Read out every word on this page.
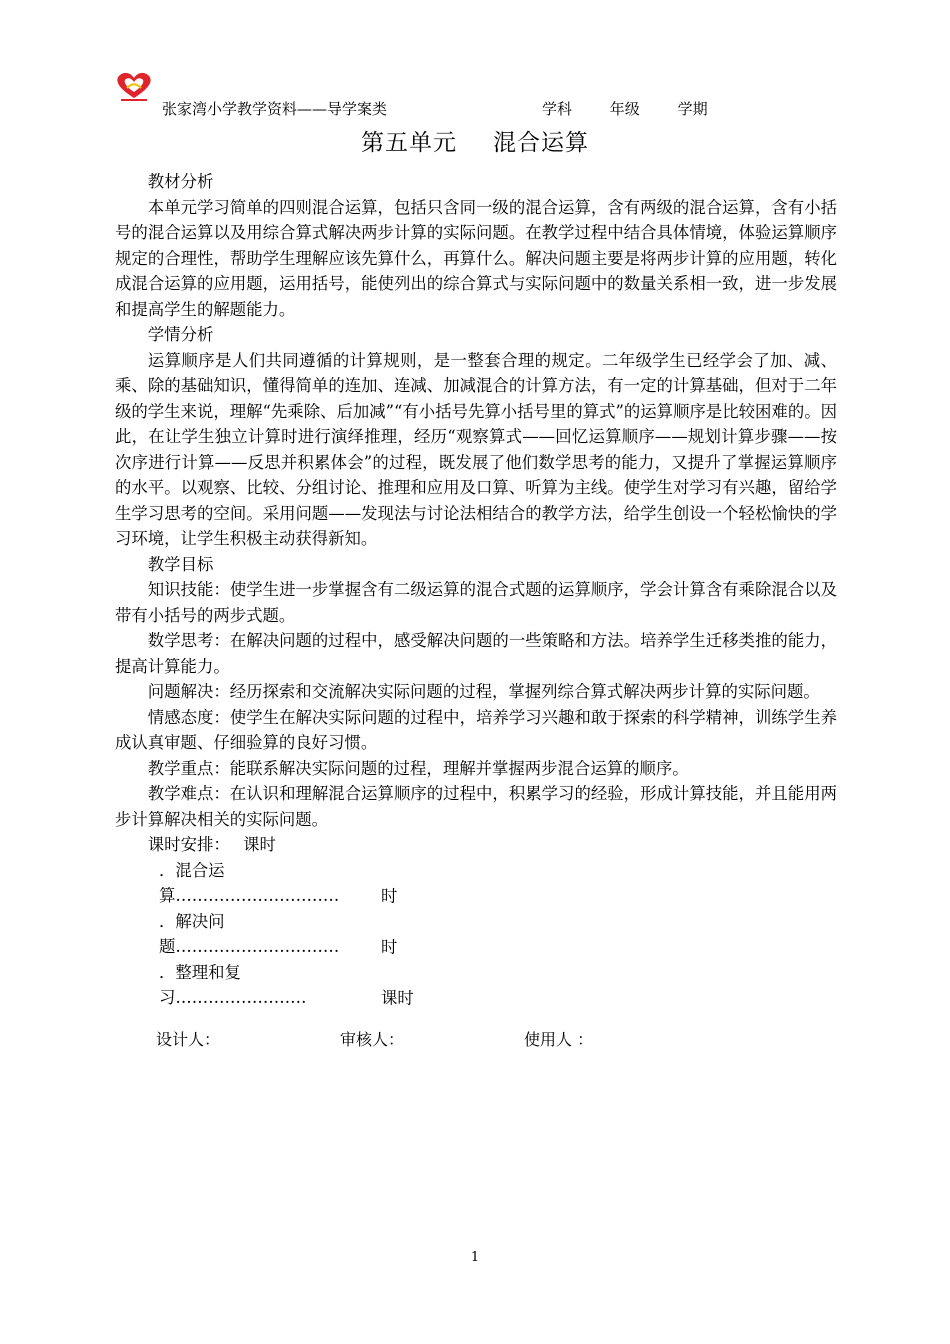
张家湾小学教学资料——导学案类	学科	年级	学期
第五单元 混合运算
教材分析

本单元学习简单的四则混合运算，包括只含同一级的混合运算，含有两级的混合运算，含有小括号的混合运算以及用综合算式解决两步计算的实际问题。在教学过程中结合具体情境，体验运算顺序规定的合理性，帮助学生理解应该先算什么，再算什么。解决问题主要是将两步计算的应用题，转化成混合运算的应用题，运用括号，能使列出的综合算式与实际问题中的数量关系相一致，进一步发展和提高学生的解题能力。

学情分析

运算顺序是人们共同遵循的计算规则，是一整套合理的规定。二年级学生已经学会了加、减、乘、除的基础知识，懂得简单的连加、连减、加减混合的计算方法，有一定的计算基础，但对于二年级的学生来说，理解“先乘除、后加减”“有小括号先算小括号里的算式”的运算顺序是比较困难的。因此，在让学生独立计算时进行演绎推理，经历“观察算式——回忆运算顺序——规划计算步骤——按次序进行计算——反思并积累体会”的过程，既发展了他们数学思考的能力，又提升了掌握运算顺序的水平。以观察、比较、分组讨论、推理和应用及口算、听算为主线。使学生对学习有兴趣，留给学生学习思考的空间。采用问题——发现法与讨论法相结合的教学方法，给学生创设一个轻松愉快的学习环境，让学生积极主动获得新知。

教学目标

知识技能：使学生进一步掌握含有二级运算的混合式题的运算顺序，学会计算含有乘除混合以及带有小括号的两步式题。

数学思考：在解决问题的过程中，感受解决问题的一些策略和方法。培养学生迁移类推的能力，提高计算能力。

问题解决：经历探索和交流解决实际问题的过程，掌握列综合算式解决两步计算的实际问题。

情感态度：使学生在解决实际问题的过程中，培养学习兴趣和敢于探索的科学精神，训练学生养成认真审题、仔细验算的良好习惯。

教学重点：能联系解决实际问题的过程，理解并掌握两步混合运算的顺序。

教学难点：在认识和理解混合运算顺序的过程中，积累学习的经验，形成计算技能，并且能用两步计算解决相关的实际问题。

课时安排：　 课时
．混合运算…………………………	时
．解决问题…………………………	时
．整理和复习……………………	课时
设计人：	审核人：	使用人 ：
1
